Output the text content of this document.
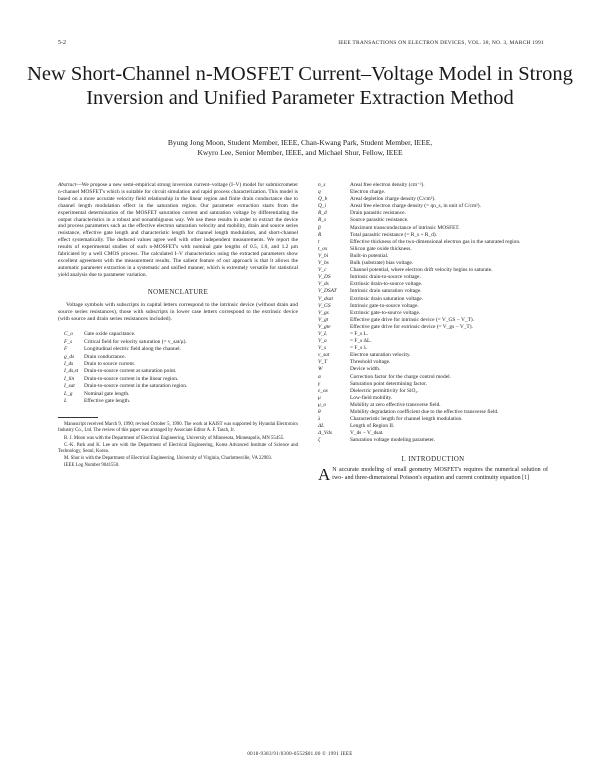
5-2	IEEE TRANSACTIONS ON ELECTRON DEVICES, VOL. 38, NO. 3, MARCH 1991
New Short-Channel n-MOSFET Current–Voltage Model in Strong Inversion and Unified Parameter Extraction Method
Byung Jong Moon, Student Member, IEEE, Chan-Kwang Park, Student Member, IEEE,
Kwyro Lee, Senior Member, IEEE, and Michael Shur, Fellow, IEEE

Abstract—We propose a new semi-empirical strong inversion current–voltage (I–V) model for submicrometer n-channel MOSFET's which is suitable for circuit simulation and rapid process characterization. This model is based on a more accurate velocity field relationship in the linear region and finite drain conductance due to channel length modulation effect in the saturation region. Our parameter extraction starts from the experimental determination of the MOSFET saturation current and saturation voltage by differentiating the output characteristics in a robust and nonambiguous way. We use these results in order to extract the device and process parameters such as the effective electron saturation velocity and mobility, drain and source series resistance, effective gate length and characteristic length for channel length modulation, and short-channel effect systematically. The deduced values agree well with other independent measurements. We report the results of experimental studies of such n-MOSFET's with nominal gate lengths of 0.5, 1.0, and 1.2 μm fabricated by a well CMOS process. The calculated I–V characteristics using the extracted parameters show excellent agreement with the measurement results. The salient feature of our approach is that it allows the automatic parameter extraction in a systematic and unified manner, which is extremely versatile for statistical yield analysis due to parameter variation.

NOMENCLATURE

Voltage symbols with subscripts in capital letters correspond to the intrinsic device (without drain and source series resistances), those with subscripts in lower case letters correspond to the extrinsic device (with source and drain series resistances included).

C_o	Gate oxide capacitance.
F_s	Critical field for velocity saturation (= v_sat/μ).
F	Longitudinal electric field along the channel.
g_ds	Drain conductance.
I_ds	Drain to source current.
I_ds,st	Drain-to-source current at saturation point.
I_lin	Drain-to-source current in the linear region.
I_sat	Drain-to-source current in the saturation region.
L_g	Nominal gate length.
L	Effective gate length.

Manuscript received March 9, 1990; revised October 5, 1990. The work at KAIST was supported by Hyundai Electronics Industry Co., Ltd. The review of this paper was arranged by Associate Editor A. F. Tasch, Jr.

B. J. Moon was with the Department of Electrical Engineering, University of Minnesota, Minneapolis, MN 55455.

C.-K. Park and K. Lee are with the Department of Electrical Engineering, Korea Advanced Institute of Science and Technology, Seoul, Korea.

M. Shur is with the Department of Electrical Engineering, University of Virginia, Charlottesville, VA 22903.

IEEE Log Number 9041550.

n_s	Areal free electron density (cm⁻²).
q	Electron charge.
Q_b	Areal depletion charge density (C/cm²).
Q_i	Areal free electron charge density (= qn_s, in unit of C/cm²).
R_d	Drain parasitic resistance.
R_s	Source parasitic resistance.
β	Maximum transconductance of intrinsic MOSFET.
R	Total parasitic resistance (= R_s + R_d).
t	Effective thickness of the two-dimensional electron gas in the saturated region.
t_ox	Silicon gate oxide thickness.
V_bi	Built-in potential.
V_bs	Bulk (substrate) bias voltage.
V_c	Channel potential, where electron drift velocity begins to saturate.
V_DS	Intrinsic drain-to-source voltage.
V_ds	Extrinsic drain-to-source voltage.
V_DSAT	Intrinsic drain saturation voltage.
V_dsat	Extrinsic drain saturation voltage.
V_GS	Intrinsic gate-to-source voltage.
V_gs	Extrinsic gate-to-source voltage.
V_gt	Effective gate drive for intrinsic device (= V_GS − V_T).
V_gte	Effective gate drive for extrinsic device (= V_gs − V_T).
V_L	= F_s L.
V_a	= F_s ΔL.
V_s	= F_s λ.
v_sat	Electron saturation velocity.
V_T	Threshold voltage.
W	Device width.
α	Correction factor for the charge control model.
γ	Saturation point determining factor.
ε_ox	Dielectric permittivity for SiO₂.
μ	Low-field mobility.
μ_o	Mobility at zero effective transverse field.
θ	Mobility degradation coefficient due to the effective transverse field.
λ	Characteristic length for channel length modulation.
ΔL	Length of Region II.
Δ_Vds	V_ds − V_dsat.
ζ	Saturation voltage modeling parameter.
I. INTRODUCTION

A N accurate modeling of small geometry MOSFET's requires the numerical solution of two- and three-dimensional Poisson's equation and current continuity equation [1]

0018-9383/91/0300-0552$01.00 © 1991 IEEE
